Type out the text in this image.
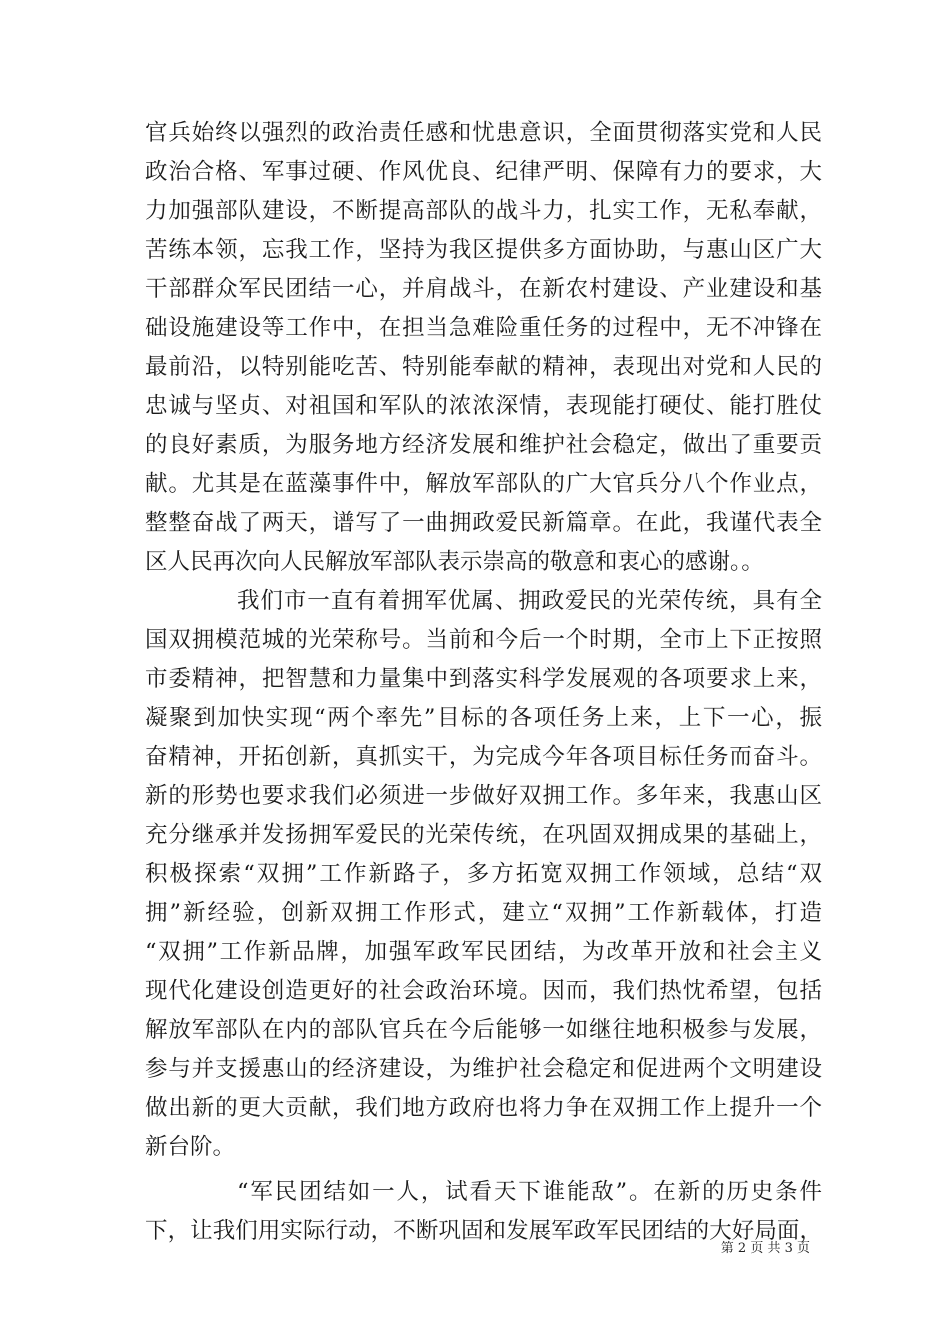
官兵始终以强烈的政治责任感和忧患意识，全面贯彻落实党和人民
政治合格、军事过硬、作风优良、纪律严明、保障有力的要求，大
力加强部队建设，不断提高部队的战斗力，扎实工作，无私奉献，
苦练本领，忘我工作，坚持为我区提供多方面协助，与惠山区广大
干部群众军民团结一心，并肩战斗，在新农村建设、产业建设和基
础设施建设等工作中，在担当急难险重任务的过程中，无不冲锋在
最前沿，以特别能吃苦、特别能奉献的精神，表现出对党和人民的
忠诚与坚贞、对祖国和军队的浓浓深情，表现能打硬仗、能打胜仗
的良好素质，为服务地方经济发展和维护社会稳定，做出了重要贡
献。尤其是在蓝藻事件中，解放军部队的广大官兵分八个作业点，
整整奋战了两天，谱写了一曲拥政爱民新篇章。在此，我谨代表全
区人民再次向人民解放军部队表示崇高的敬意和衷心的感谢。。
我们市一直有着拥军优属、拥政爱民的光荣传统，具有全
国双拥模范城的光荣称号。当前和今后一个时期，全市上下正按照
市委精神，把智慧和力量集中到落实科学发展观的各项要求上来，
凝聚到加快实现“两个率先”目标的各项任务上来，上下一心，振
奋精神，开拓创新，真抓实干，为完成今年各项目标任务而奋斗。
新的形势也要求我们必须进一步做好双拥工作。多年来，我惠山区
充分继承并发扬拥军爱民的光荣传统，在巩固双拥成果的基础上，
积极探索“双拥”工作新路子，多方拓宽双拥工作领域，总结“双
拥”新经验，创新双拥工作形式，建立“双拥”工作新载体，打造
“双拥”工作新品牌，加强军政军民团结，为改革开放和社会主义
现代化建设创造更好的社会政治环境。因而，我们热忱希望，包括
解放军部队在内的部队官兵在今后能够一如继往地积极参与发展，
参与并支援惠山的经济建设，为维护社会稳定和促进两个文明建设
做出新的更大贡献，我们地方政府也将力争在双拥工作上提升一个
新台阶。
“军民团结如一人，试看天下谁能敌”。在新的历史条件
下，让我们用实际行动，不断巩固和发展军政军民团结的大好局面，
第 2 页 共 3 页
